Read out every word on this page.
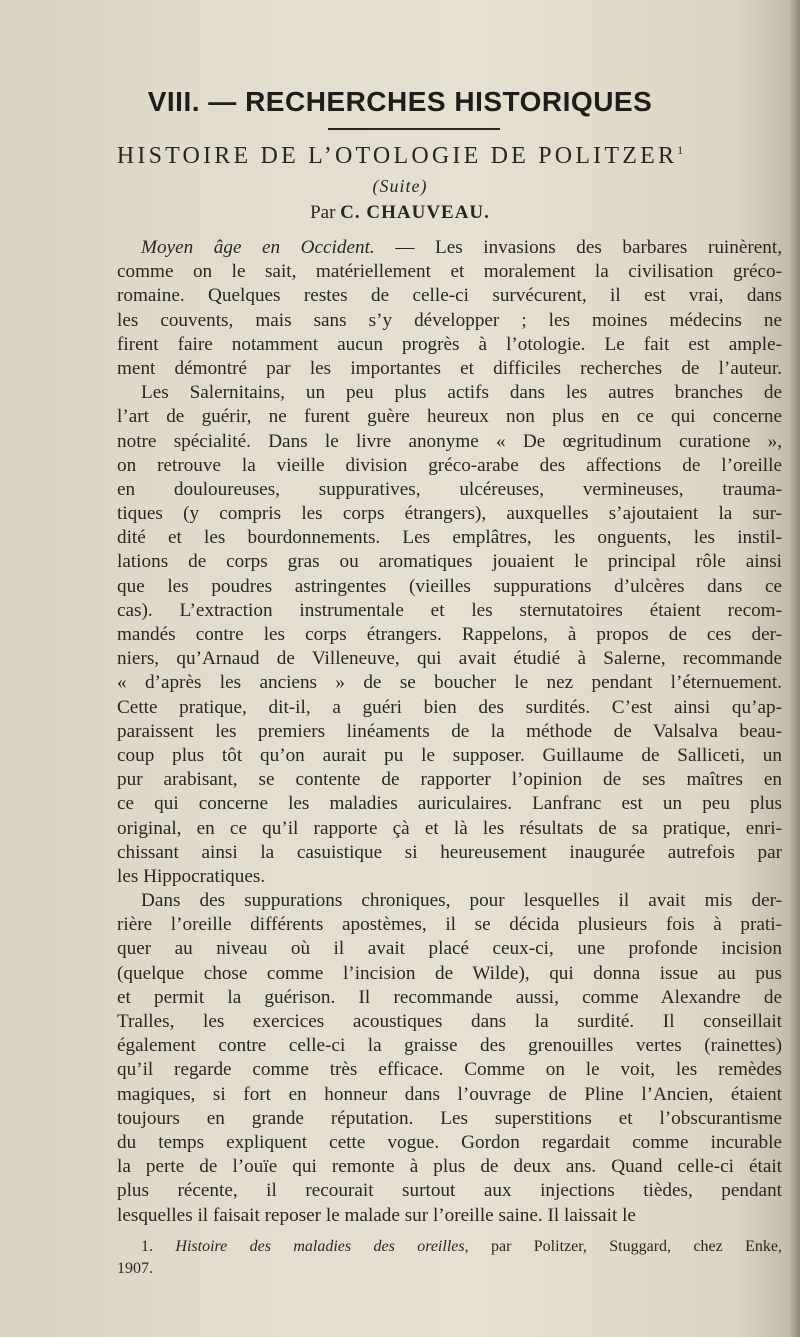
VIII. — RECHERCHES HISTORIQUES
HISTOIRE DE L’OTOLOGIE DE POLITZER$^1$
(Suite)
Par C. CHAUVEAU.
Moyen âge en Occident. — Les invasions des barbares ruinèrent,
comme on le sait, matériellement et moralement la civilisation gréco-
romaine. Quelques restes de celle-ci survécurent, il est vrai, dans
les couvents, mais sans s’y développer ; les moines médecins ne
firent faire notamment aucun progrès à l’otologie. Le fait est ample-
ment démontré par les importantes et difficiles recherches de l’auteur.
Les Salernitains, un peu plus actifs dans les autres branches de
l’art de guérir, ne furent guère heureux non plus en ce qui concerne
notre spécialité. Dans le livre anonyme « De œgritudinum curatione »,
on retrouve la vieille division gréco-arabe des affections de l’oreille
en douloureuses, suppuratives, ulcéreuses, vermineuses, trauma-
tiques (y compris les corps étrangers), auxquelles s’ajoutaient la sur-
dité et les bourdonnements. Les emplâtres, les onguents, les instil-
lations de corps gras ou aromatiques jouaient le principal rôle ainsi
que les poudres astringentes (vieilles suppurations d’ulcères dans ce
cas). L’extraction instrumentale et les sternutatoires étaient recom-
mandés contre les corps étrangers. Rappelons, à propos de ces der-
niers, qu’Arnaud de Villeneuve, qui avait étudié à Salerne, recommande
« d’après les anciens » de se boucher le nez pendant l’éternuement.
Cette pratique, dit-il, a guéri bien des surdités. C’est ainsi qu’ap-
paraissent les premiers linéaments de la méthode de Valsalva beau-
coup plus tôt qu’on aurait pu le supposer. Guillaume de Salliceti, un
pur arabisant, se contente de rapporter l’opinion de ses maîtres en
ce qui concerne les maladies auriculaires. Lanfranc est un peu plus
original, en ce qu’il rapporte çà et là les résultats de sa pratique, enri-
chissant ainsi la casuistique si heureusement inaugurée autrefois par
les Hippocratiques.
Dans des suppurations chroniques, pour lesquelles il avait mis der-
rière l’oreille différents apostèmes, il se décida plusieurs fois à prati-
quer au niveau où il avait placé ceux-ci, une profonde incision
(quelque chose comme l’incision de Wilde), qui donna issue au pus
et permit la guérison. Il recommande aussi, comme Alexandre de
Tralles, les exercices acoustiques dans la surdité. Il conseillait
également contre celle-ci la graisse des grenouilles vertes (rainettes)
qu’il regarde comme très efficace. Comme on le voit, les remèdes
magiques, si fort en honneur dans l’ouvrage de Pline l’Ancien, étaient
toujours en grande réputation. Les superstitions et l’obscurantisme
du temps expliquent cette vogue. Gordon regardait comme incurable
la perte de l’ouïe qui remonte à plus de deux ans. Quand celle-ci était
plus récente, il recourait surtout aux injections tièdes, pendant
lesquelles il faisait reposer le malade sur l’oreille saine. Il laissait le
1. Histoire des maladies des oreilles, par Politzer, Stuggard, chez Enke,
1907.
